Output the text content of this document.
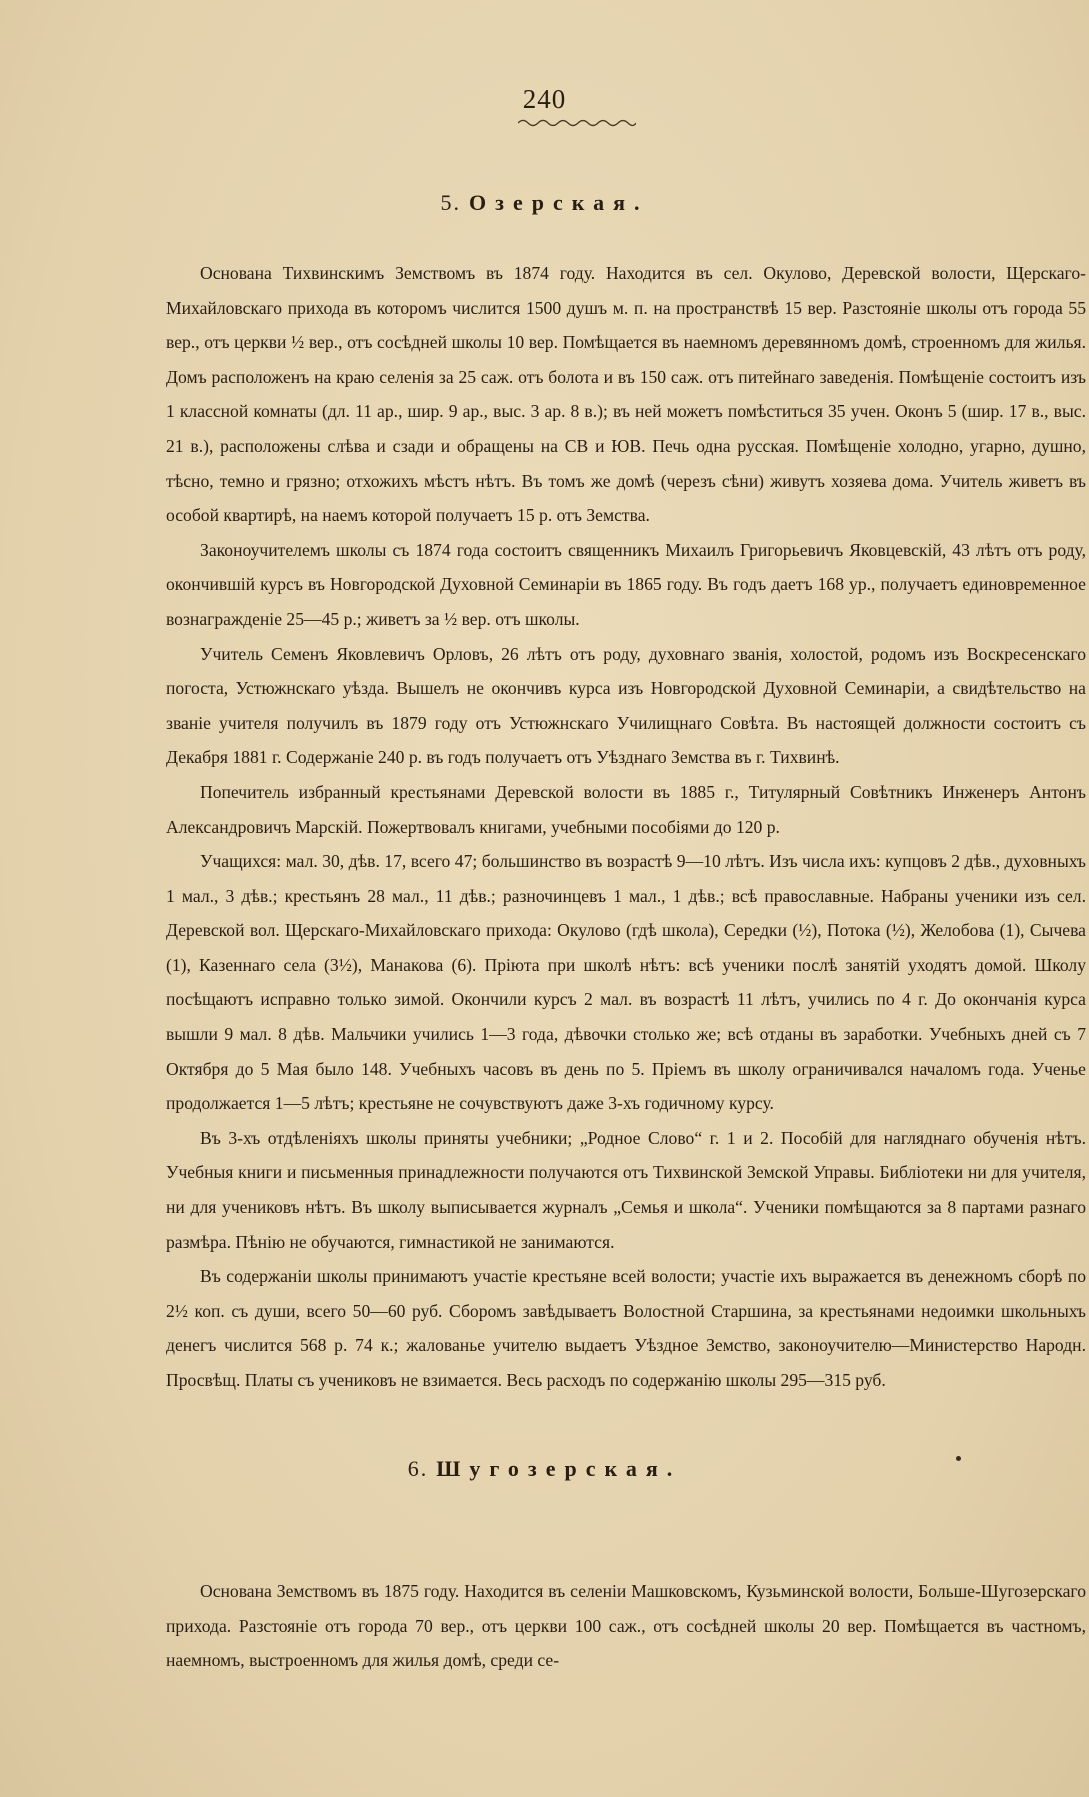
240
5. Озерская.

Основана Тихвинскимъ Земствомъ въ 1874 году. Находится въ сел. Окулово, Деревской волости, Щерскаго-Михайловскаго прихода въ которомъ числится 1500 душъ м. п. на пространствѣ 15 вер. Разстояніе школы отъ города 55 вер., отъ церкви ½ вер., отъ сосѣдней школы 10 вер. Помѣщается въ наемномъ деревянномъ домѣ, строенномъ для жилья. Домъ расположенъ на краю селенія за 25 саж. отъ болота и въ 150 саж. отъ питейнаго заведенія. Помѣщеніе состоитъ изъ 1 классной комнаты (дл. 11 ар., шир. 9 ар., выс. 3 ар. 8 в.); въ ней можетъ помѣститься 35 учен. Оконъ 5 (шир. 17 в., выс. 21 в.), расположены слѣва и сзади и обращены на СВ и ЮВ. Печь одна русская. Помѣщеніе холодно, угарно, душно, тѣсно, темно и грязно; отхожихъ мѣстъ нѣтъ. Въ томъ же домѣ (черезъ сѣни) живутъ хозяева дома. Учитель живетъ въ особой квартирѣ, на наемъ которой получаетъ 15 р. отъ Земства.

Законоучителемъ школы съ 1874 года состоитъ священникъ Михаилъ Григорьевичъ Яковцевскій, 43 лѣтъ отъ роду, окончившій курсъ въ Новгородской Духовной Семинаріи въ 1865 году. Въ годъ даетъ 168 ур., получаетъ единовременное вознагражденіе 25—45 р.; живетъ за ½ вер. отъ школы.

Учитель Семенъ Яковлевичъ Орловъ, 26 лѣтъ отъ роду, духовнаго званія, холостой, родомъ изъ Воскресенскаго погоста, Устюжнскаго уѣзда. Вышелъ не окончивъ курса изъ Новгородской Духовной Семинаріи, а свидѣтельство на званіе учителя получилъ въ 1879 году отъ Устюжнскаго Училищнаго Совѣта. Въ настоящей должности состоитъ съ Декабря 1881 г. Содержаніе 240 р. въ годъ получаетъ отъ Уѣзднаго Земства въ г. Тихвинѣ.

Попечитель избранный крестьянами Деревской волости въ 1885 г., Титулярный Совѣтникъ Инженеръ Антонъ Александровичъ Марскій. Пожертвовалъ книгами, учебными пособіями до 120 р.

Учащихся: мал. 30, дѣв. 17, всего 47; большинство въ возрастѣ 9—10 лѣтъ. Изъ числа ихъ: купцовъ 2 дѣв., духовныхъ 1 мал., 3 дѣв.; крестьянъ 28 мал., 11 дѣв.; разночинцевъ 1 мал., 1 дѣв.; всѣ православные. Набраны ученики изъ сел. Деревской вол. Щерскаго-Михайловскаго прихода: Окулово (гдѣ школа), Середки (½), Потока (½), Желобова (1), Сычева (1), Казеннаго села (3½), Манакова (6). Пріюта при школѣ нѣтъ: всѣ ученики послѣ занятій уходятъ домой. Школу посѣщаютъ исправно только зимой. Окончили курсъ 2 мал. въ возрастѣ 11 лѣтъ, учились по 4 г. До окончанія курса вышли 9 мал. 8 дѣв. Мальчики учились 1—3 года, дѣвочки столько же; всѣ отданы въ заработки. Учебныхъ дней съ 7 Октября до 5 Мая было 148. Учебныхъ часовъ въ день по 5. Пріемъ въ школу ограничивался началомъ года. Ученье продолжается 1—5 лѣтъ; крестьяне не сочувствуютъ даже 3-хъ годичному курсу.

Въ 3-хъ отдѣленіяхъ школы приняты учебники; „Родное Слово“ г. 1 и 2. Пособій для нагляднаго обученія нѣтъ. Учебныя книги и письменныя принадлежности получаются отъ Тихвинской Земской Управы. Библіотеки ни для учителя, ни для учениковъ нѣтъ. Въ школу выписывается журналъ „Семья и школа“. Ученики помѣщаются за 8 партами разнаго размѣра. Пѣнію не обучаются, гимнастикой не занимаются.

Въ содержаніи школы принимаютъ участіе крестьяне всей волости; участіе ихъ выражается въ денежномъ сборѣ по 2½ коп. съ души, всего 50—60 руб. Сборомъ завѣдываетъ Волостной Старшина, за крестьянами недоимки школьныхъ денегъ числится 568 р. 74 к.; жалованье учителю выдаетъ Уѣздное Земство, законоучителю—Министерство Народн. Просвѣщ. Платы съ учениковъ не взимается. Весь расходъ по содержанію школы 295—315 руб.

6. Шугозерская.

Основана Земствомъ въ 1875 году. Находится въ селеніи Машковскомъ, Кузьминской волости, Больше-Шугозерскаго прихода. Разстояніе отъ города 70 вер., отъ церкви 100 саж., отъ сосѣдней школы 20 вер. Помѣщается въ частномъ, наемномъ, выстроенномъ для жилья домѣ, среди се-
